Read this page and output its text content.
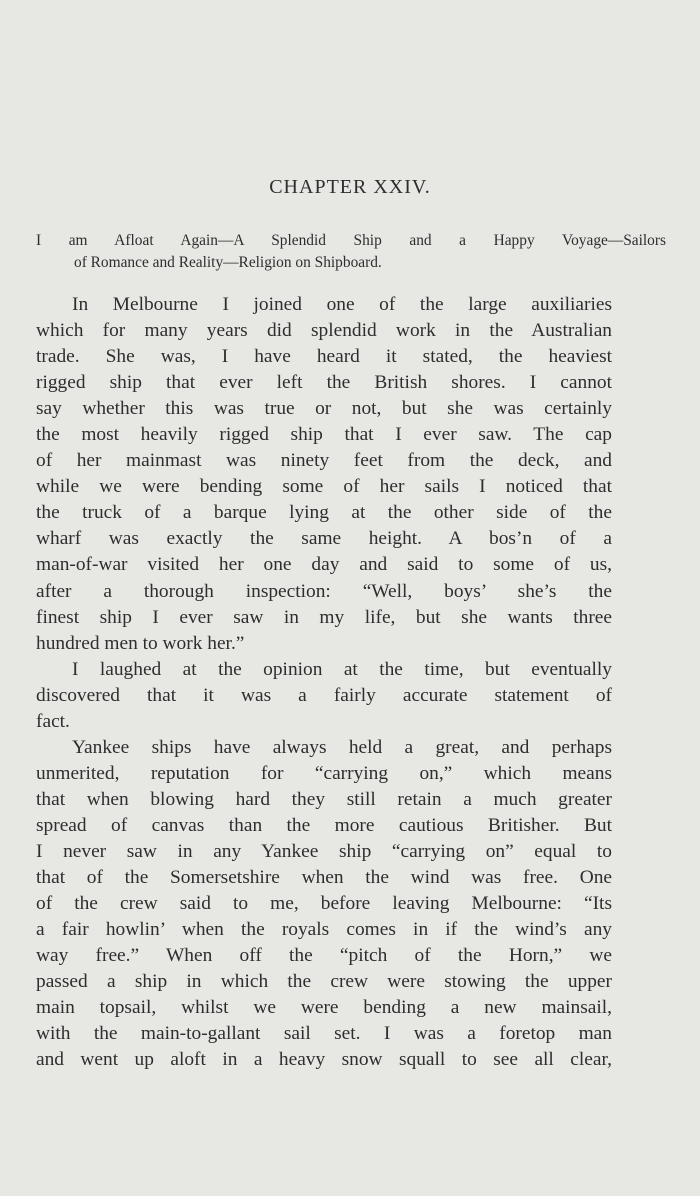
CHAPTER XXIV.
I am Afloat Again—A Splendid Ship and a Happy Voyage—Sailors
of Romance and Reality—Religion on Shipboard.
In Melbourne I joined one of the large auxiliaries
which for many years did splendid work in the Australian
trade. She was, I have heard it stated, the heaviest
rigged ship that ever left the British shores. I cannot
say whether this was true or not, but she was certainly
the most heavily rigged ship that I ever saw. The cap
of her mainmast was ninety feet from the deck, and
while we were bending some of her sails I noticed that
the truck of a barque lying at the other side of the
wharf was exactly the same height. A bos’n of a
man-of-war visited her one day and said to some of us,
after a thorough inspection: “Well, boys’ she’s the
finest ship I ever saw in my life, but she wants three
hundred men to work her.”
I laughed at the opinion at the time, but eventually
discovered that it was a fairly accurate statement of
fact.
Yankee ships have always held a great, and perhaps
unmerited, reputation for “carrying on,” which means
that when blowing hard they still retain a much greater
spread of canvas than the more cautious Britisher. But
I never saw in any Yankee ship “carrying on” equal to
that of the Somersetshire when the wind was free. One
of the crew said to me, before leaving Melbourne: “Its
a fair howlin’ when the royals comes in if the wind’s any
way free.” When off the “pitch of the Horn,” we
passed a ship in which the crew were stowing the upper
main topsail, whilst we were bending a new mainsail,
with the main-to-gallant sail set. I was a foretop man
and went up aloft in a heavy snow squall to see all clear,
